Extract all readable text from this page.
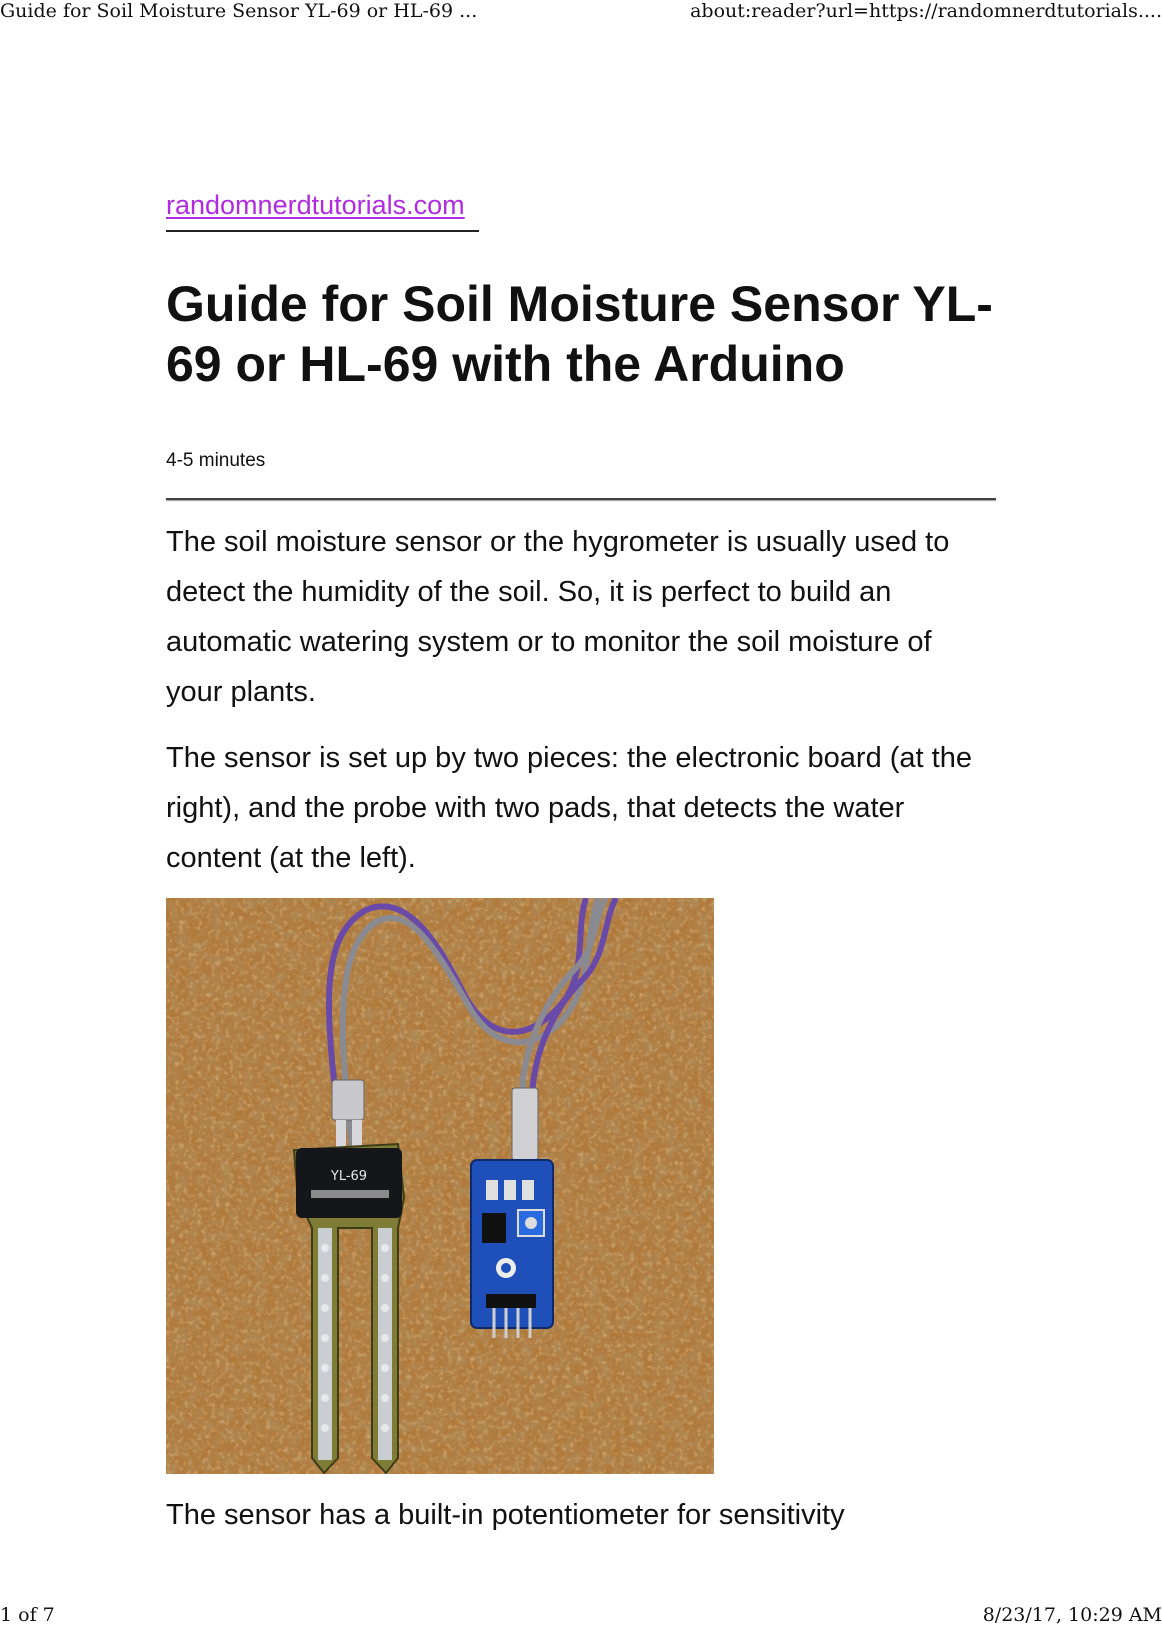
Guide for Soil Moisture Sensor YL-69 or HL-69 ...	about:reader?url=https://randomnerdtutorials....
randomnerdtutorials.com
Guide for Soil Moisture Sensor YL-69 or HL-69 with the Arduino
4-5 minutes

The soil moisture sensor or the hygrometer is usually used to detect the humidity of the soil. So, it is perfect to build an automatic watering system or to monitor the soil moisture of your plants.

The sensor is set up by two pieces: the electronic board (at the right), and the probe with two pads, that detects the water content (at the left).

YL-69

The sensor has a built-in potentiometer for sensitivity

1 of 7	8/23/17, 10:29 AM
